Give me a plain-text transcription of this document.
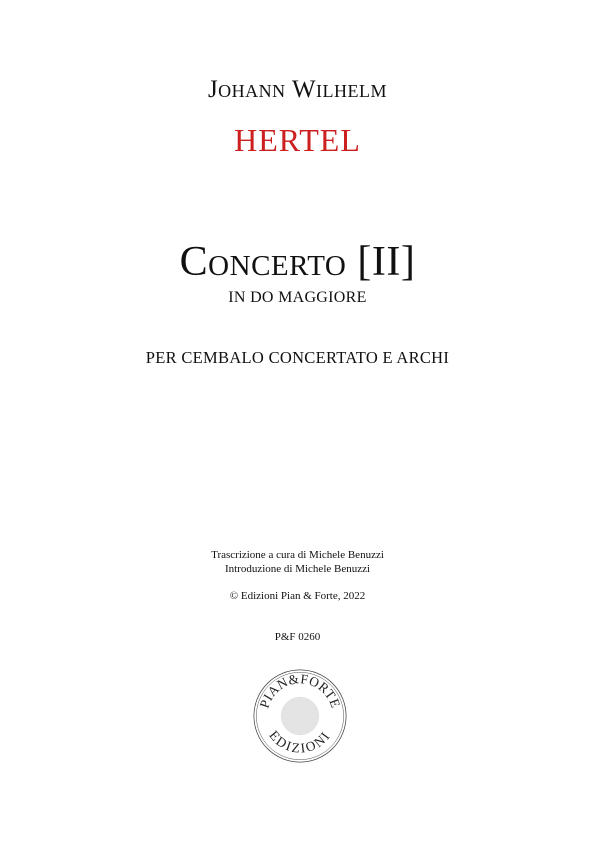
Johann Wilhelm
HERTEL
Concerto [II]
IN DO MAGGIORE
PER CEMBALO CONCERTATO E ARCHI
Trascrizione a cura di Michele Benuzzi
Introduzione di Michele Benuzzi
© Edizioni Pian & Forte, 2022
P&F 0260
PIAN&FORTE
EDIZIONI
